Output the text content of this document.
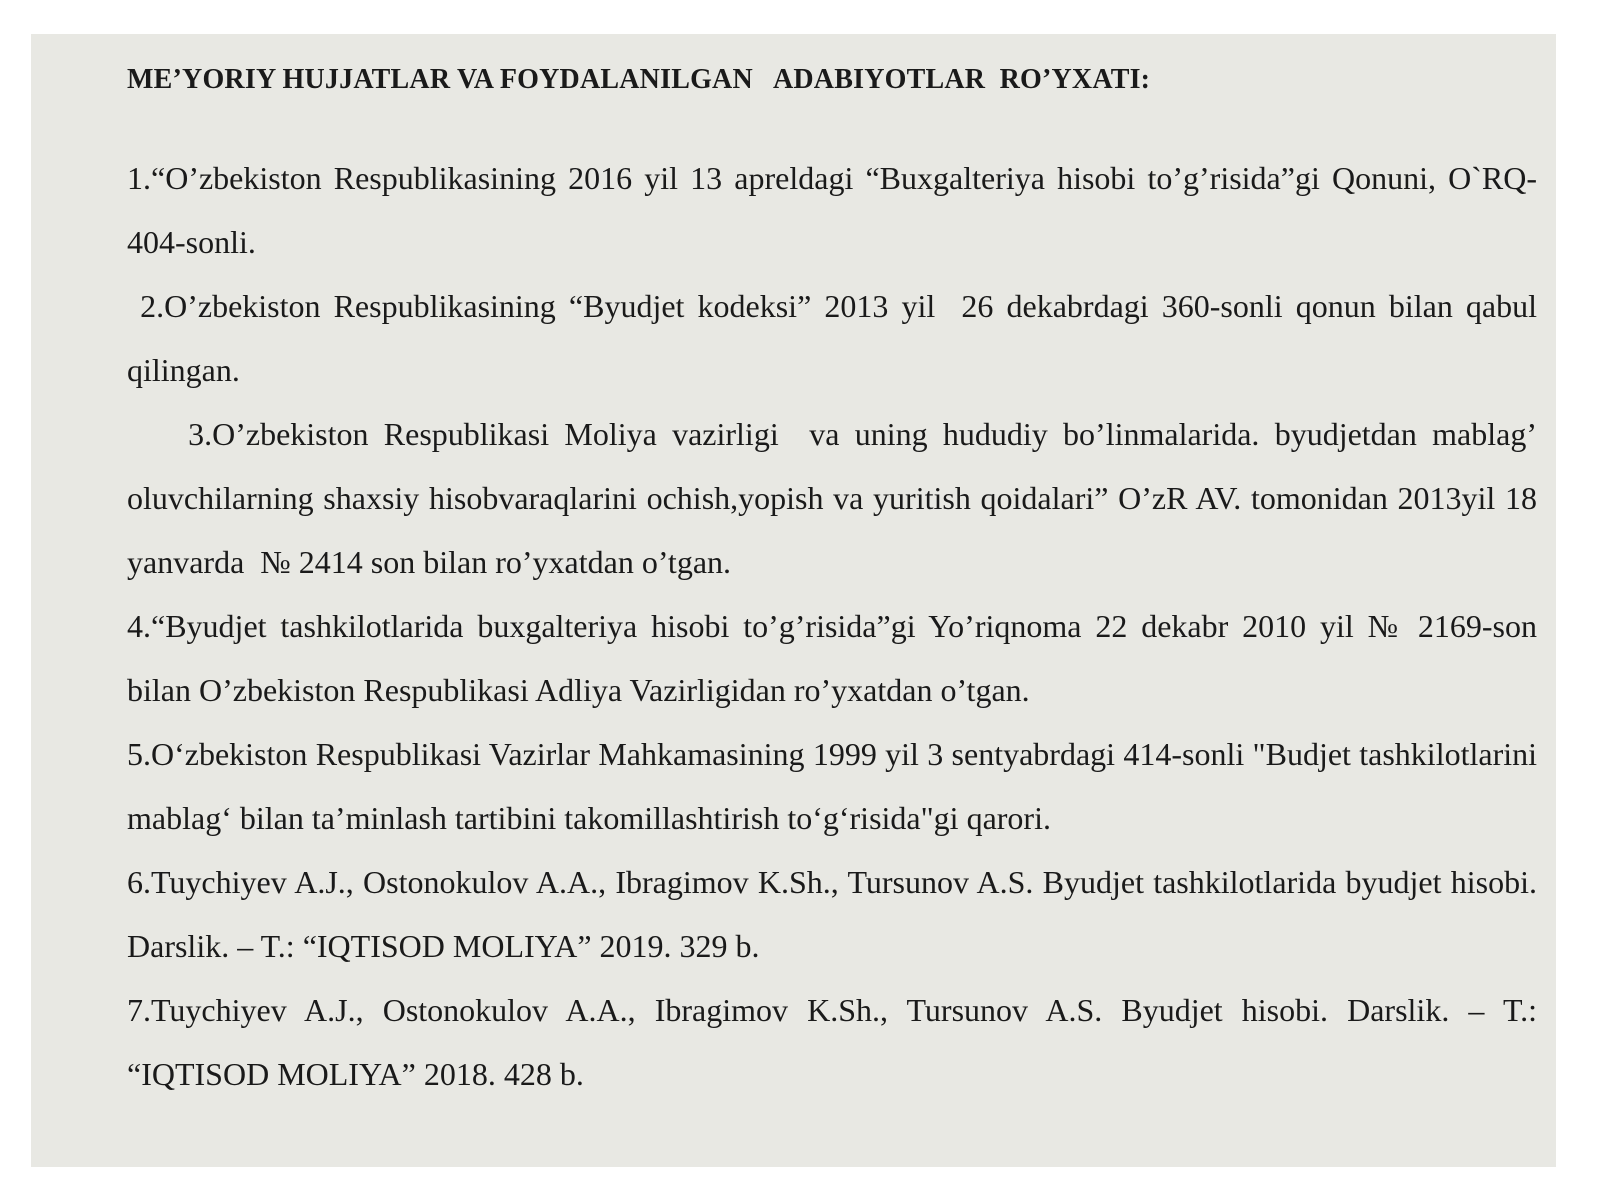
ME’YORIY HUJJATLAR VA FOYDALANILGAN   ADABIYOTLAR  RO’YXATI:

1.“O’zbekiston Respublikasining 2016 yil 13 apreldagi “Buxgalteriya hisobi to’g’risida”gi Qonuni, O`RQ-404-sonli.

2.O’zbekiston Respublikasining “Byudjet kodeksi” 2013 yil  26 dekabrdagi 360-sonli qonun bilan qabul qilingan.

3.O’zbekiston Respublikasi Moliya vazirligi  va uning hududiy bo’linmalarida. byudjetdan mablag’ oluvchilarning shaxsiy hisobvaraqlarini ochish,yopish va yuritish qoidalari” O’zR AV. tomonidan 2013yil 18 yanvarda  № 2414 son bilan ro’yxatdan o’tgan.

4.“Byudjet tashkilotlarida buxgalteriya hisobi to’g’risida”gi Yo’riqnoma 22 dekabr 2010 yil № 2169-son bilan O’zbekiston Respublikasi Adliya Vazirligidan ro’yxatdan o’tgan.

5.O‘zbekiston Respublikasi Vazirlar Mahkamasining 1999 yil 3 sentyabrdagi 414-sonli "Budjet tashkilotlarini mablag‘ bilan ta’minlash tartibini takomillashtirish to‘g‘risida"gi qarori.

6.Tuychiyev A.J., Ostonokulov A.A., Ibragimov K.Sh., Tursunov A.S. Byudjet tashkilotlarida byudjet hisobi. Darslik. – T.: “IQTISOD MOLIYA” 2019. 329 b.

7.Tuychiyev A.J., Ostonokulov A.A., Ibragimov K.Sh., Tursunov A.S. Byudjet hisobi. Darslik. – T.: “IQTISOD MOLIYA” 2018. 428 b.
